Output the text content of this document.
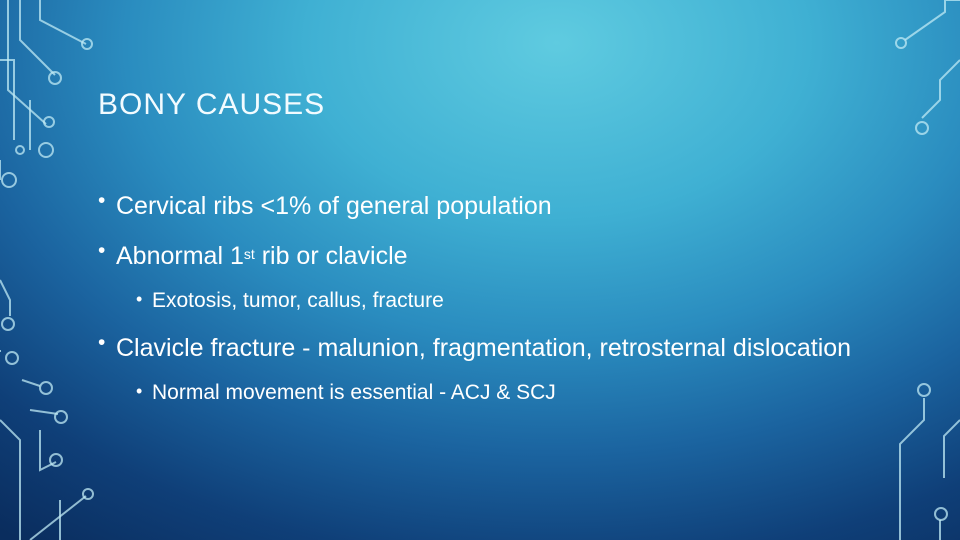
BONY CAUSES
• Cervical ribs <1% of general population
• Abnormal 1st rib or clavicle
• Exotosis, tumor, callus, fracture
• Clavicle fracture - malunion, fragmentation, retrosternal dislocation
• Normal movement is essential - ACJ & SCJ
